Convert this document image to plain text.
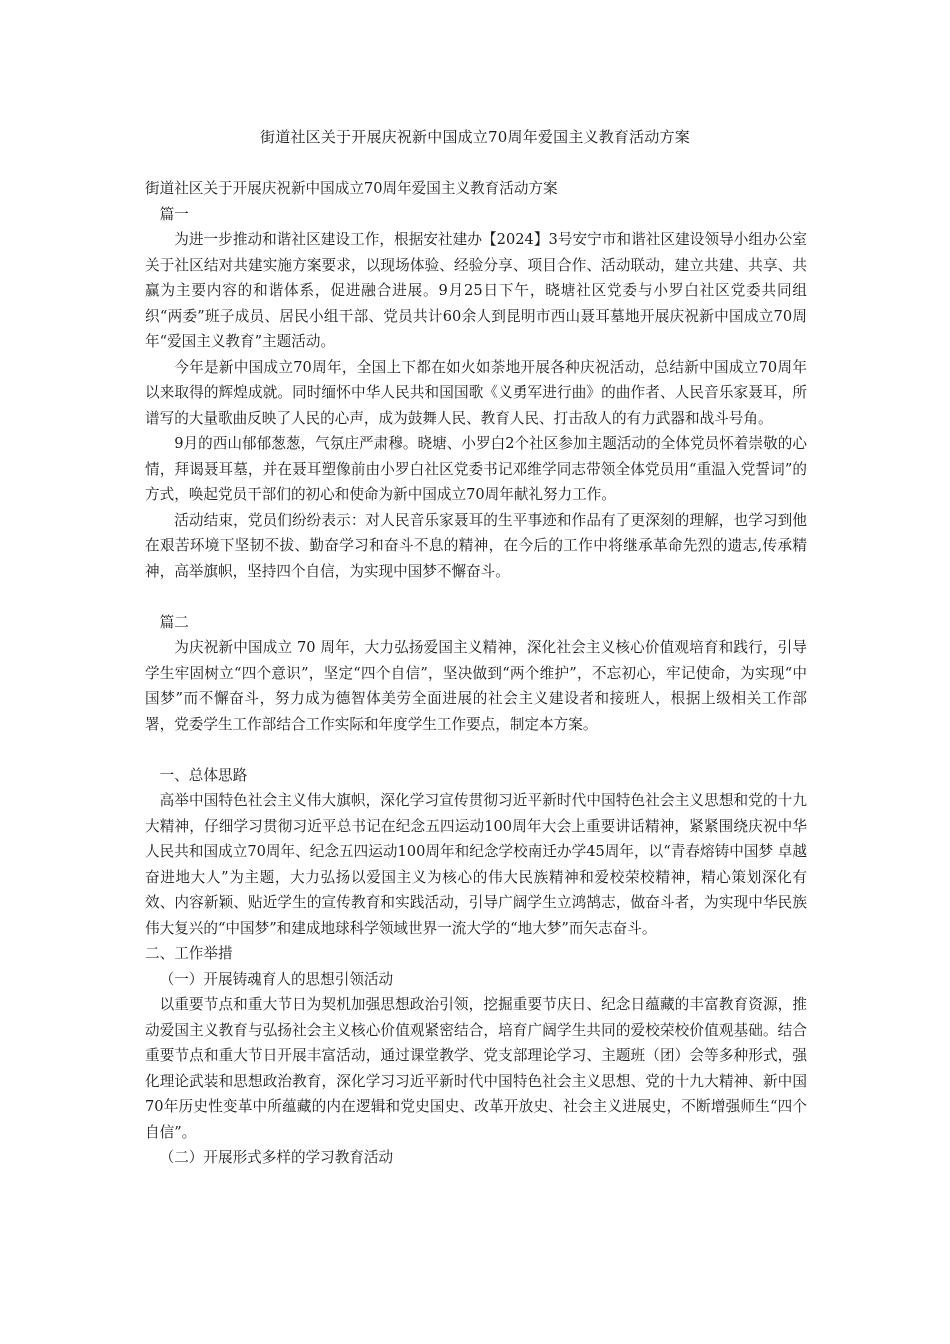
街道社区关于开展庆祝新中国成立70周年爱国主义教育活动方案

街道社区关于开展庆祝新中国成立70周年爱国主义教育活动方案

篇一

为进一步推动和谐社区建设工作，根据安社建办【2024】3号安宁市和谐社区建设领导小组办公室关于社区结对共建实施方案要求，以现场体验、经验分享、项目合作、活动联动，建立共建、共享、共赢为主要内容的和谐体系，促进融合进展。9月25日下午，晓塘社区党委与小罗白社区党委共同组织“两委”班子成员、居民小组干部、党员共计60余人到昆明市西山聂耳墓地开展庆祝新中国成立70周年“爱国主义教育”主题活动。

今年是新中国成立70周年，全国上下都在如火如荼地开展各种庆祝活动，总结新中国成立70周年以来取得的辉煌成就。同时缅怀中华人民共和国国歌《义勇军进行曲》的曲作者、人民音乐家聂耳，所谱写的大量歌曲反映了人民的心声，成为鼓舞人民、教育人民、打击敌人的有力武器和战斗号角。

9月的西山郁郁葱葱，气氛庄严肃穆。晓塘、小罗白2个社区参加主题活动的全体党员怀着崇敬的心情，拜谒聂耳墓，并在聂耳塑像前由小罗白社区党委书记邓维学同志带领全体党员用“重温入党誓词”的方式，唤起党员干部们的初心和使命为新中国成立70周年献礼努力工作。

活动结束，党员们纷纷表示：对人民音乐家聂耳的生平事迹和作品有了更深刻的理解，也学习到他在艰苦环境下坚韧不拔、勤奋学习和奋斗不息的精神，在今后的工作中将继承革命先烈的遗志,传承精神，高举旗帜，坚持四个自信，为实现中国梦不懈奋斗。

篇二

为庆祝新中国成立 70 周年，大力弘扬爱国主义精神，深化社会主义核心价值观培育和践行，引导学生牢固树立“四个意识”，坚定“四个自信”，坚决做到“两个维护”，不忘初心，牢记使命，为实现“中国梦”而不懈奋斗，努力成为德智体美劳全面进展的社会主义建设者和接班人，根据上级相关工作部署，党委学生工作部结合工作实际和年度学生工作要点，制定本方案。

一、总体思路

高举中国特色社会主义伟大旗帜，深化学习宣传贯彻习近平新时代中国特色社会主义思想和党的十九大精神，仔细学习贯彻习近平总书记在纪念五四运动100周年大会上重要讲话精神，紧紧围绕庆祝中华人民共和国成立70周年、纪念五四运动100周年和纪念学校南迁办学45周年，以“青春熔铸中国梦 卓越奋进地大人”为主题，大力弘扬以爱国主义为核心的伟大民族精神和爱校荣校精神，精心策划深化有效、内容新颖、贴近学生的宣传教育和实践活动，引导广阔学生立鸿鹄志，做奋斗者，为实现中华民族伟大复兴的“中国梦”和建成地球科学领域世界一流大学的“地大梦”而矢志奋斗。

二、工作举措

（一）开展铸魂育人的思想引领活动

以重要节点和重大节日为契机加强思想政治引领，挖掘重要节庆日、纪念日蕴藏的丰富教育资源，推动爱国主义教育与弘扬社会主义核心价值观紧密结合，培育广阔学生共同的爱校荣校价值观基础。结合重要节点和重大节日开展丰富活动，通过课堂教学、党支部理论学习、主题班（团）会等多种形式，强化理论武装和思想政治教育，深化学习习近平新时代中国特色社会主义思想、党的十九大精神、新中国70年历史性变革中所蕴藏的内在逻辑和党史国史、改革开放史、社会主义进展史，不断增强师生“四个自信”。

（二）开展形式多样的学习教育活动
